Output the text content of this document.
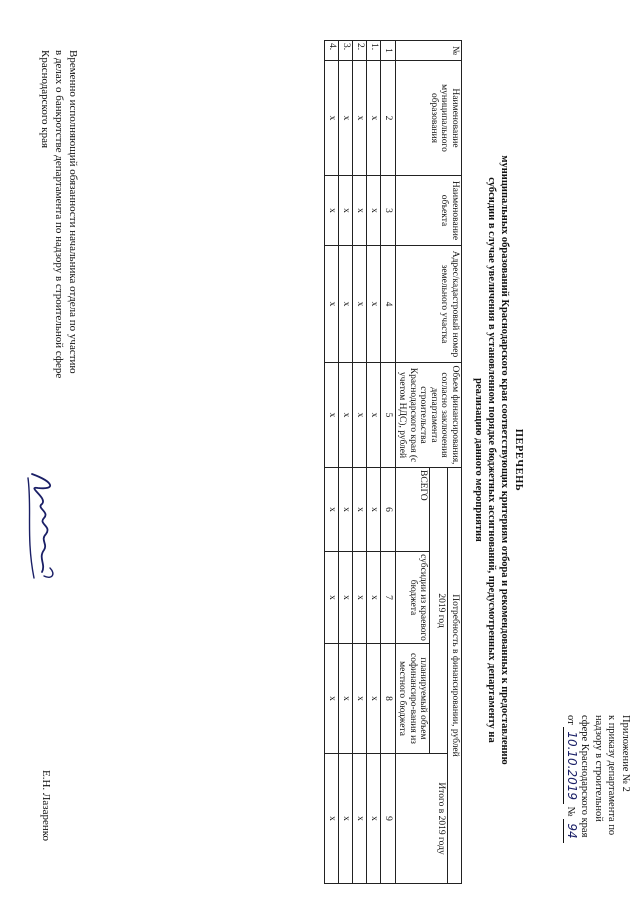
Приложение № 2
к приказу департамента по
надзору в строительной
сфере Краснодарского края
от 10.10.2019 № 94
ПЕРЕЧЕНЬ
муниципальных образований Краснодарского края соответствующих критериям отбора и рекомендованных к предоставлению
субсидии в случае увеличения в установленном порядке бюджетных ассигнований, предусмотренных департаменту на
реализацию данного мероприятия
№	Наименование муниципального образования	Наименование объекта	Адрес/кадастровый номер земельного участка	Объем финансирования, согласно заключения департамента строительства Краснодарского края (с учетом НДС), рублей	Потребность в финансировании, рублей			
					2019 год			Итого в 2019 году
					ВСЕГО	субсидии из краевого бюджета	планируемый объем софинансиро-вания из местного бюджета	
1	2	3	4	5	6	7	8	9
1.	x	x	x	x	x	x	x	x
2.	x	x	x	x	x	x	x	x
3.	x	x	x	x	x	x	x	x
4.	x	x	x	x	x	x	x	x
Временно исполняющий обязанности начальника отдела по участию
в делах о банкротстве департамента по надзору в строительной сфере
Краснодарского края
Е.Н. Лазаренко
